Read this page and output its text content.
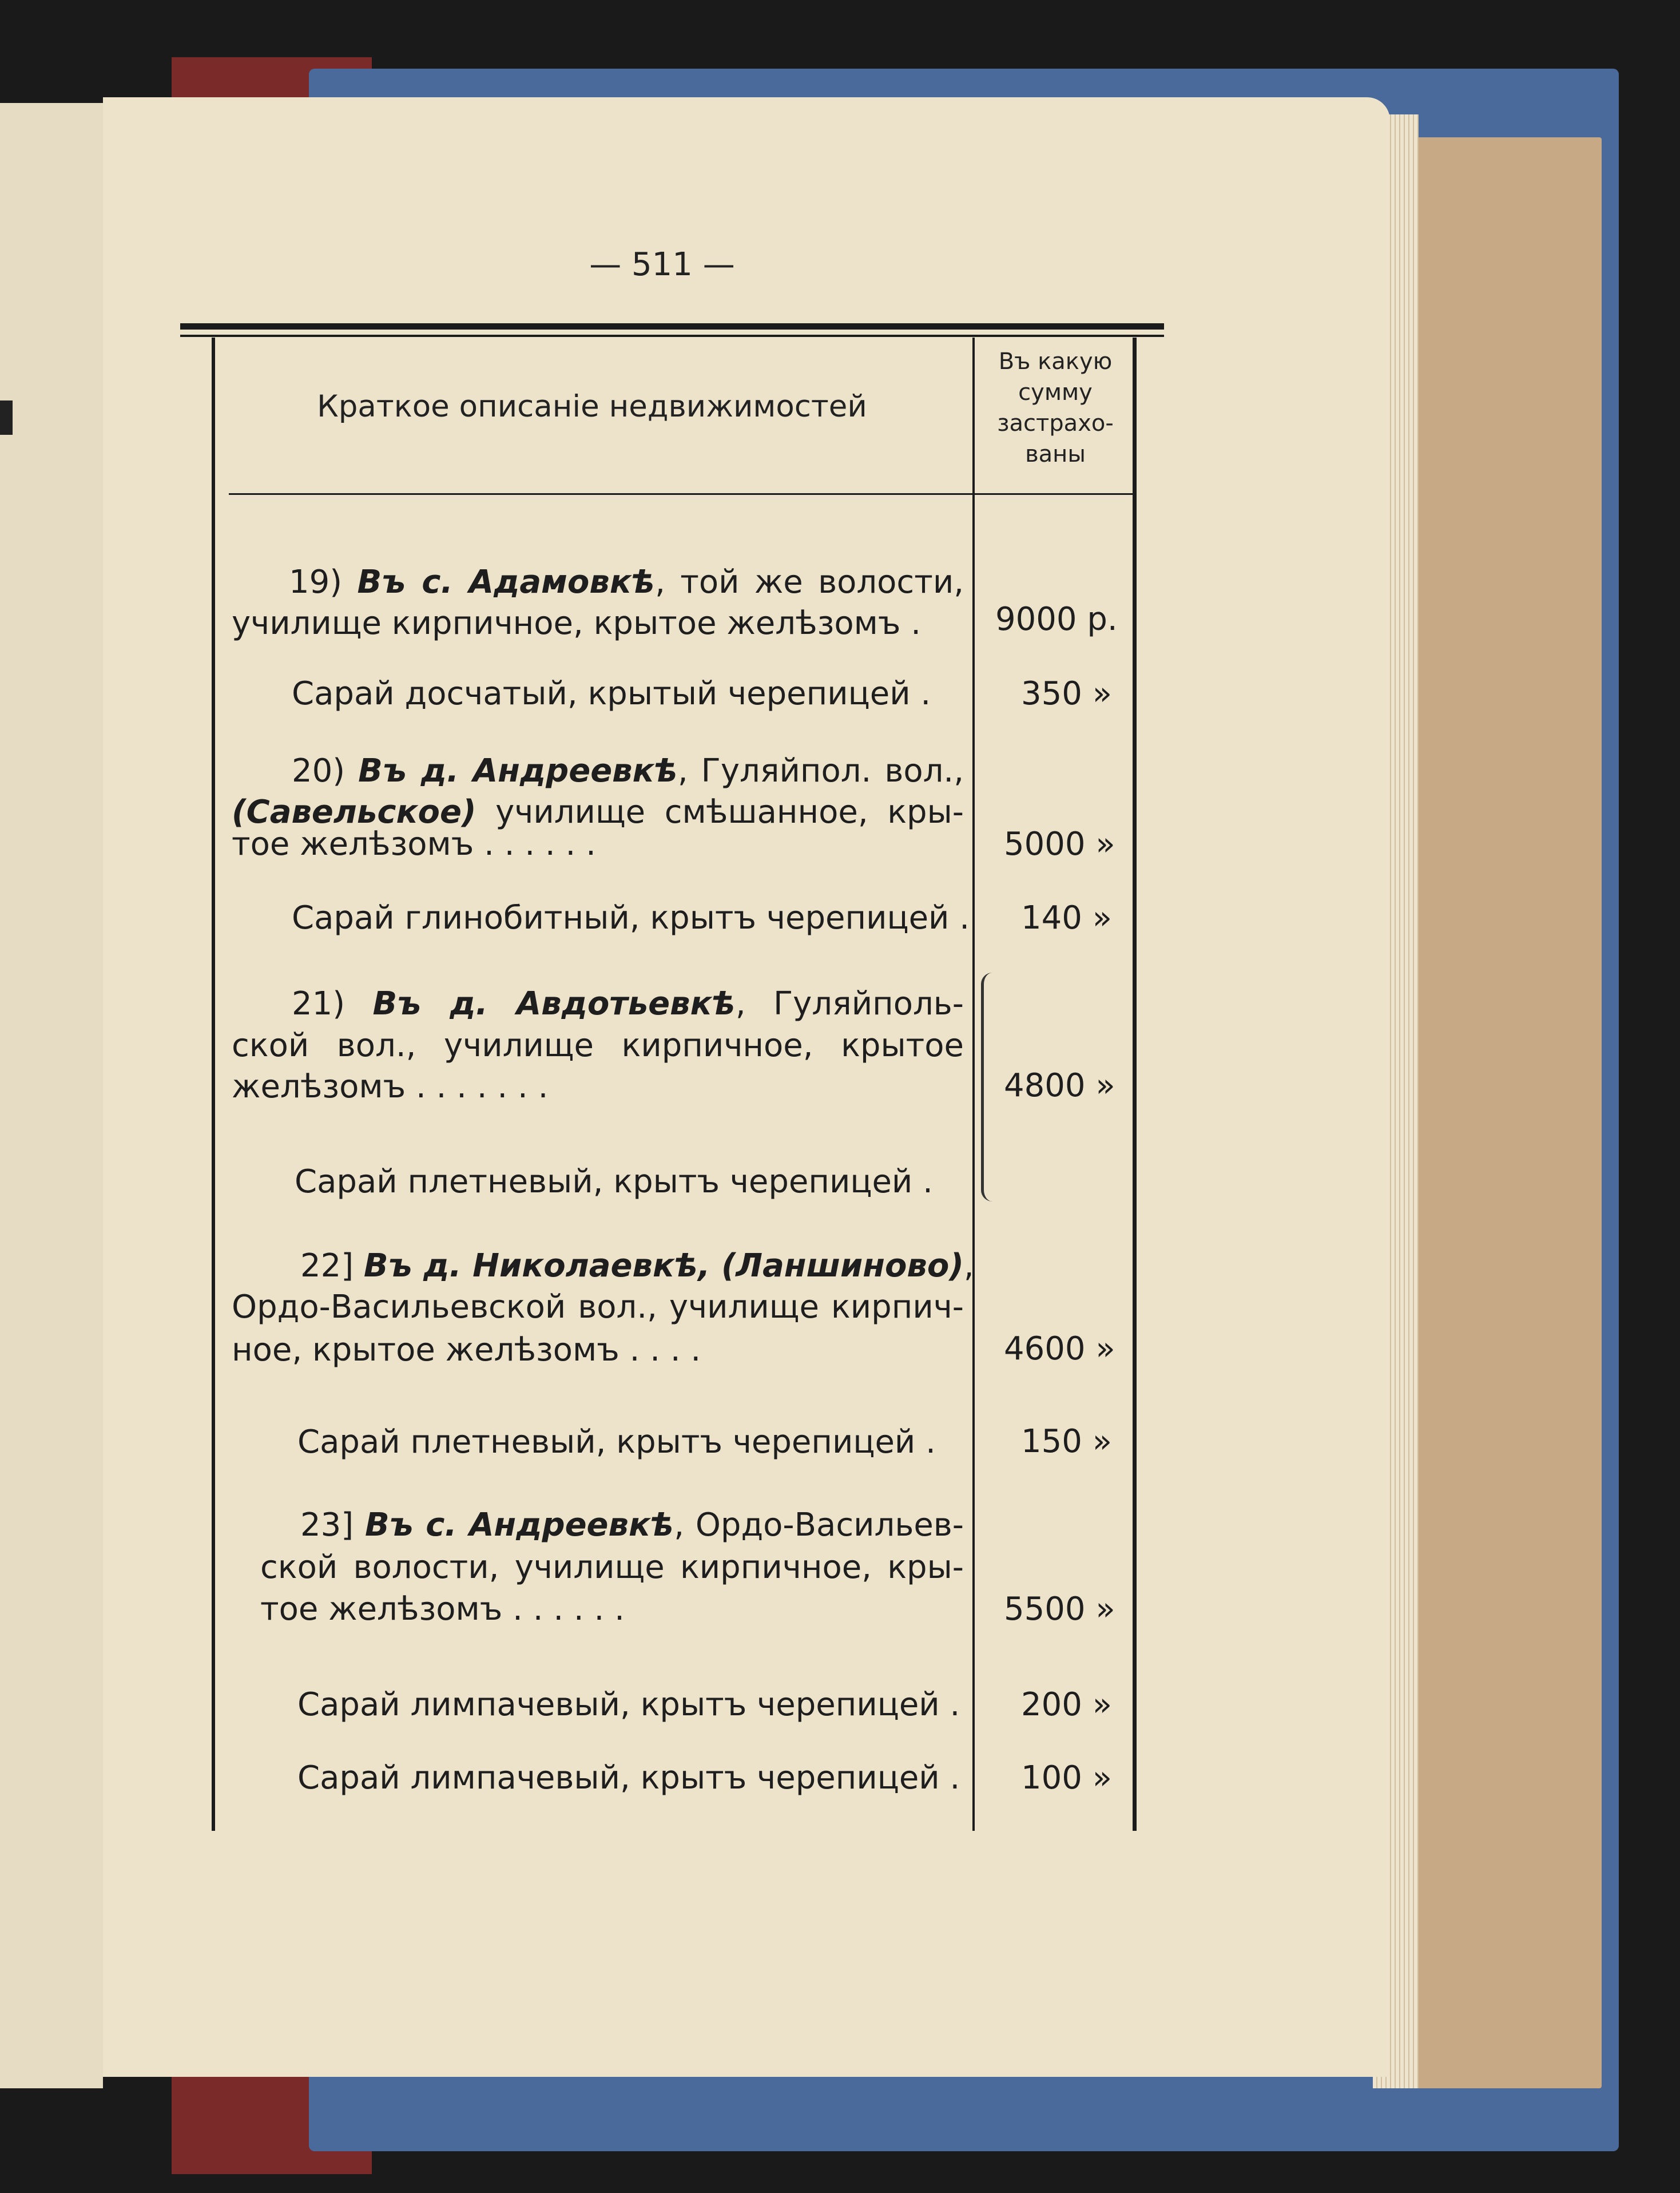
— 511 —
Краткое описанiе недвижимостей
Въ какую
сумму
застрахо-
ваны
19) Въ с. Адамовкѣ, той же волости,
училище кирпичное, крытое желѣзомъ .
Сарай досчатый, крытый черепицей .
20) Въ д. Андреевкѣ, Гуляйпол. вол.,
(Савельское) училище смѣшанное, кры-
тое желѣзомъ . . . . . .
Сарай глинобитный, крытъ черепицей .
21) Въ д. Авдотьевкѣ, Гуляйполь-
ской вол., училище кирпичное, крытое
желѣзомъ . . . . . . .
Сарай плетневый, крытъ черепицей .
22] Въ д. Николаевкѣ, (Ланшиново),
Ордо-Васильевской вол., училище кирпич-
ное, крытое желѣзомъ . . . .
Сарай плетневый, крытъ черепицей .
23] Въ с. Андреевкѣ, Ордо-Васильев-
ской волости, училище кирпичное, кры-
тое желѣзомъ . . . . . .
Сарай лимпачевый, крытъ черепицей .
Сарай лимпачевый, крытъ черепицей .
9000 р.
350 »
5000 »
140 »
4800 »
4600 »
150 »
5500 »
200 »
100 »
